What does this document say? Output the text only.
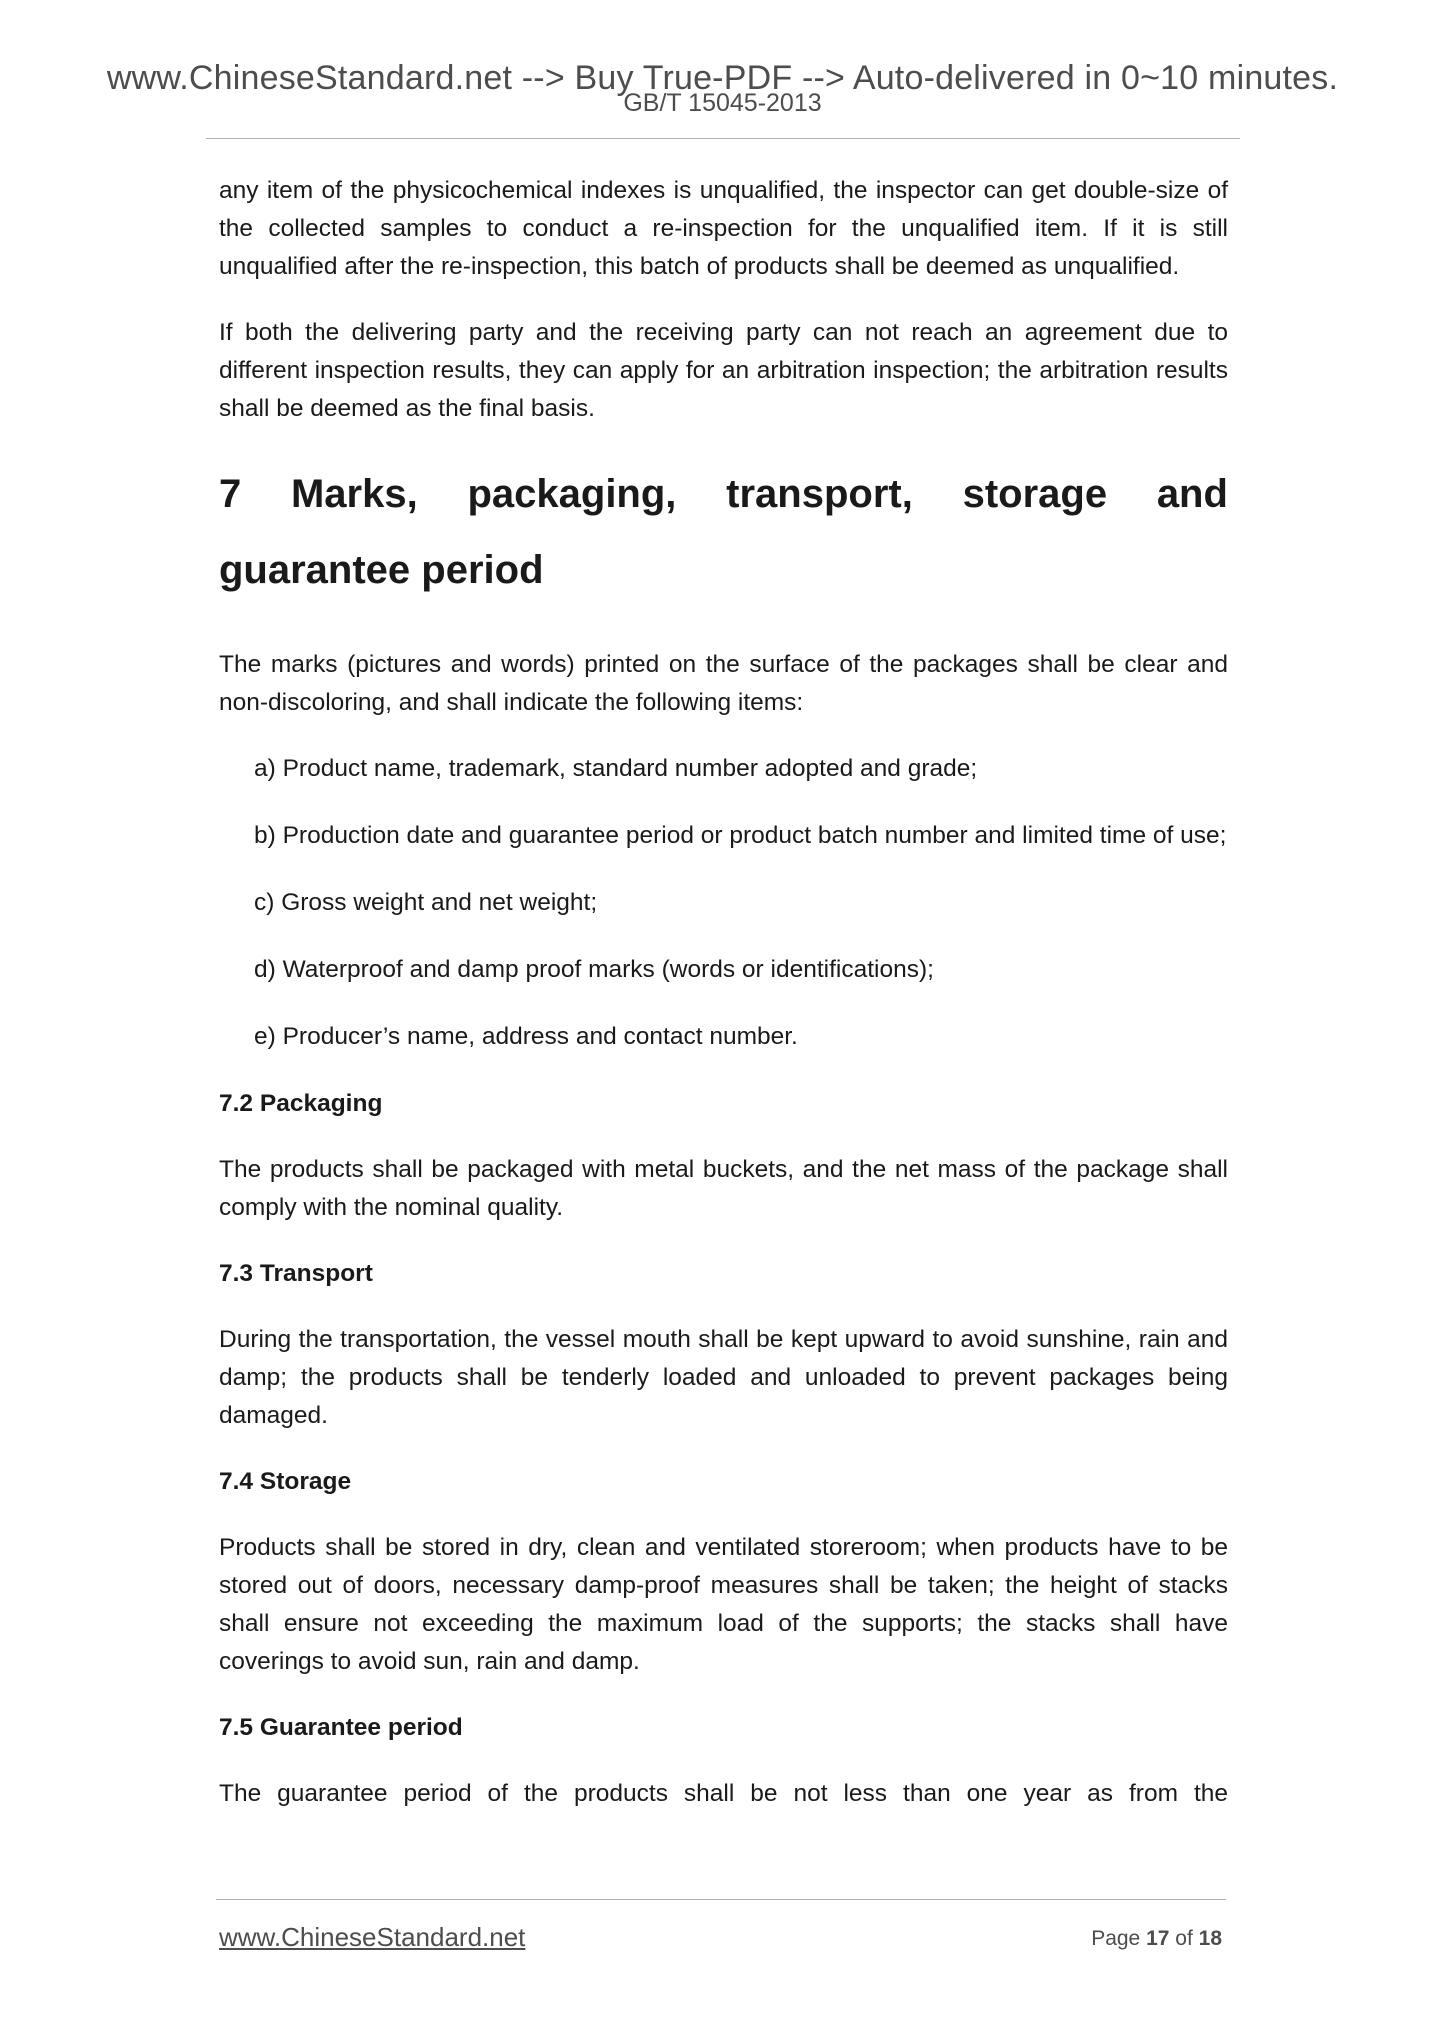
www.ChineseStandard.net --> Buy True-PDF --> Auto-delivered in 0~10 minutes.
GB/T 15045-2013

any item of the physicochemical indexes is unqualified, the inspector can get double-size of the collected samples to conduct a re-inspection for the unqualified item. If it is still unqualified after the re-inspection, this batch of products shall be deemed as unqualified.

If both the delivering party and the receiving party can not reach an agreement due to different inspection results, they can apply for an arbitration inspection; the arbitration results shall be deemed as the final basis.

7 Marks, packaging, transport, storage and
guarantee period

The marks (pictures and words) printed on the surface of the packages shall be clear and non-discoloring, and shall indicate the following items:

a) Product name, trademark, standard number adopted and grade;
b) Production date and guarantee period or product batch number and limited time of use;
c) Gross weight and net weight;
d) Waterproof and damp proof marks (words or identifications);
e) Producer’s name, address and contact number.
7.2 Packaging

The products shall be packaged with metal buckets, and the net mass of the package shall comply with the nominal quality.

7.3 Transport

During the transportation, the vessel mouth shall be kept upward to avoid sunshine, rain and damp; the products shall be tenderly loaded and unloaded to prevent packages being damaged.

7.4 Storage

Products shall be stored in dry, clean and ventilated storeroom; when products have to be stored out of doors, necessary damp-proof measures shall be taken; the height of stacks shall ensure not exceeding the maximum load of the supports; the stacks shall have coverings to avoid sun, rain and damp.

7.5 Guarantee period

The guarantee period of the products shall be not less than one year as from the

www.ChineseStandard.net	Page 17 of 18
